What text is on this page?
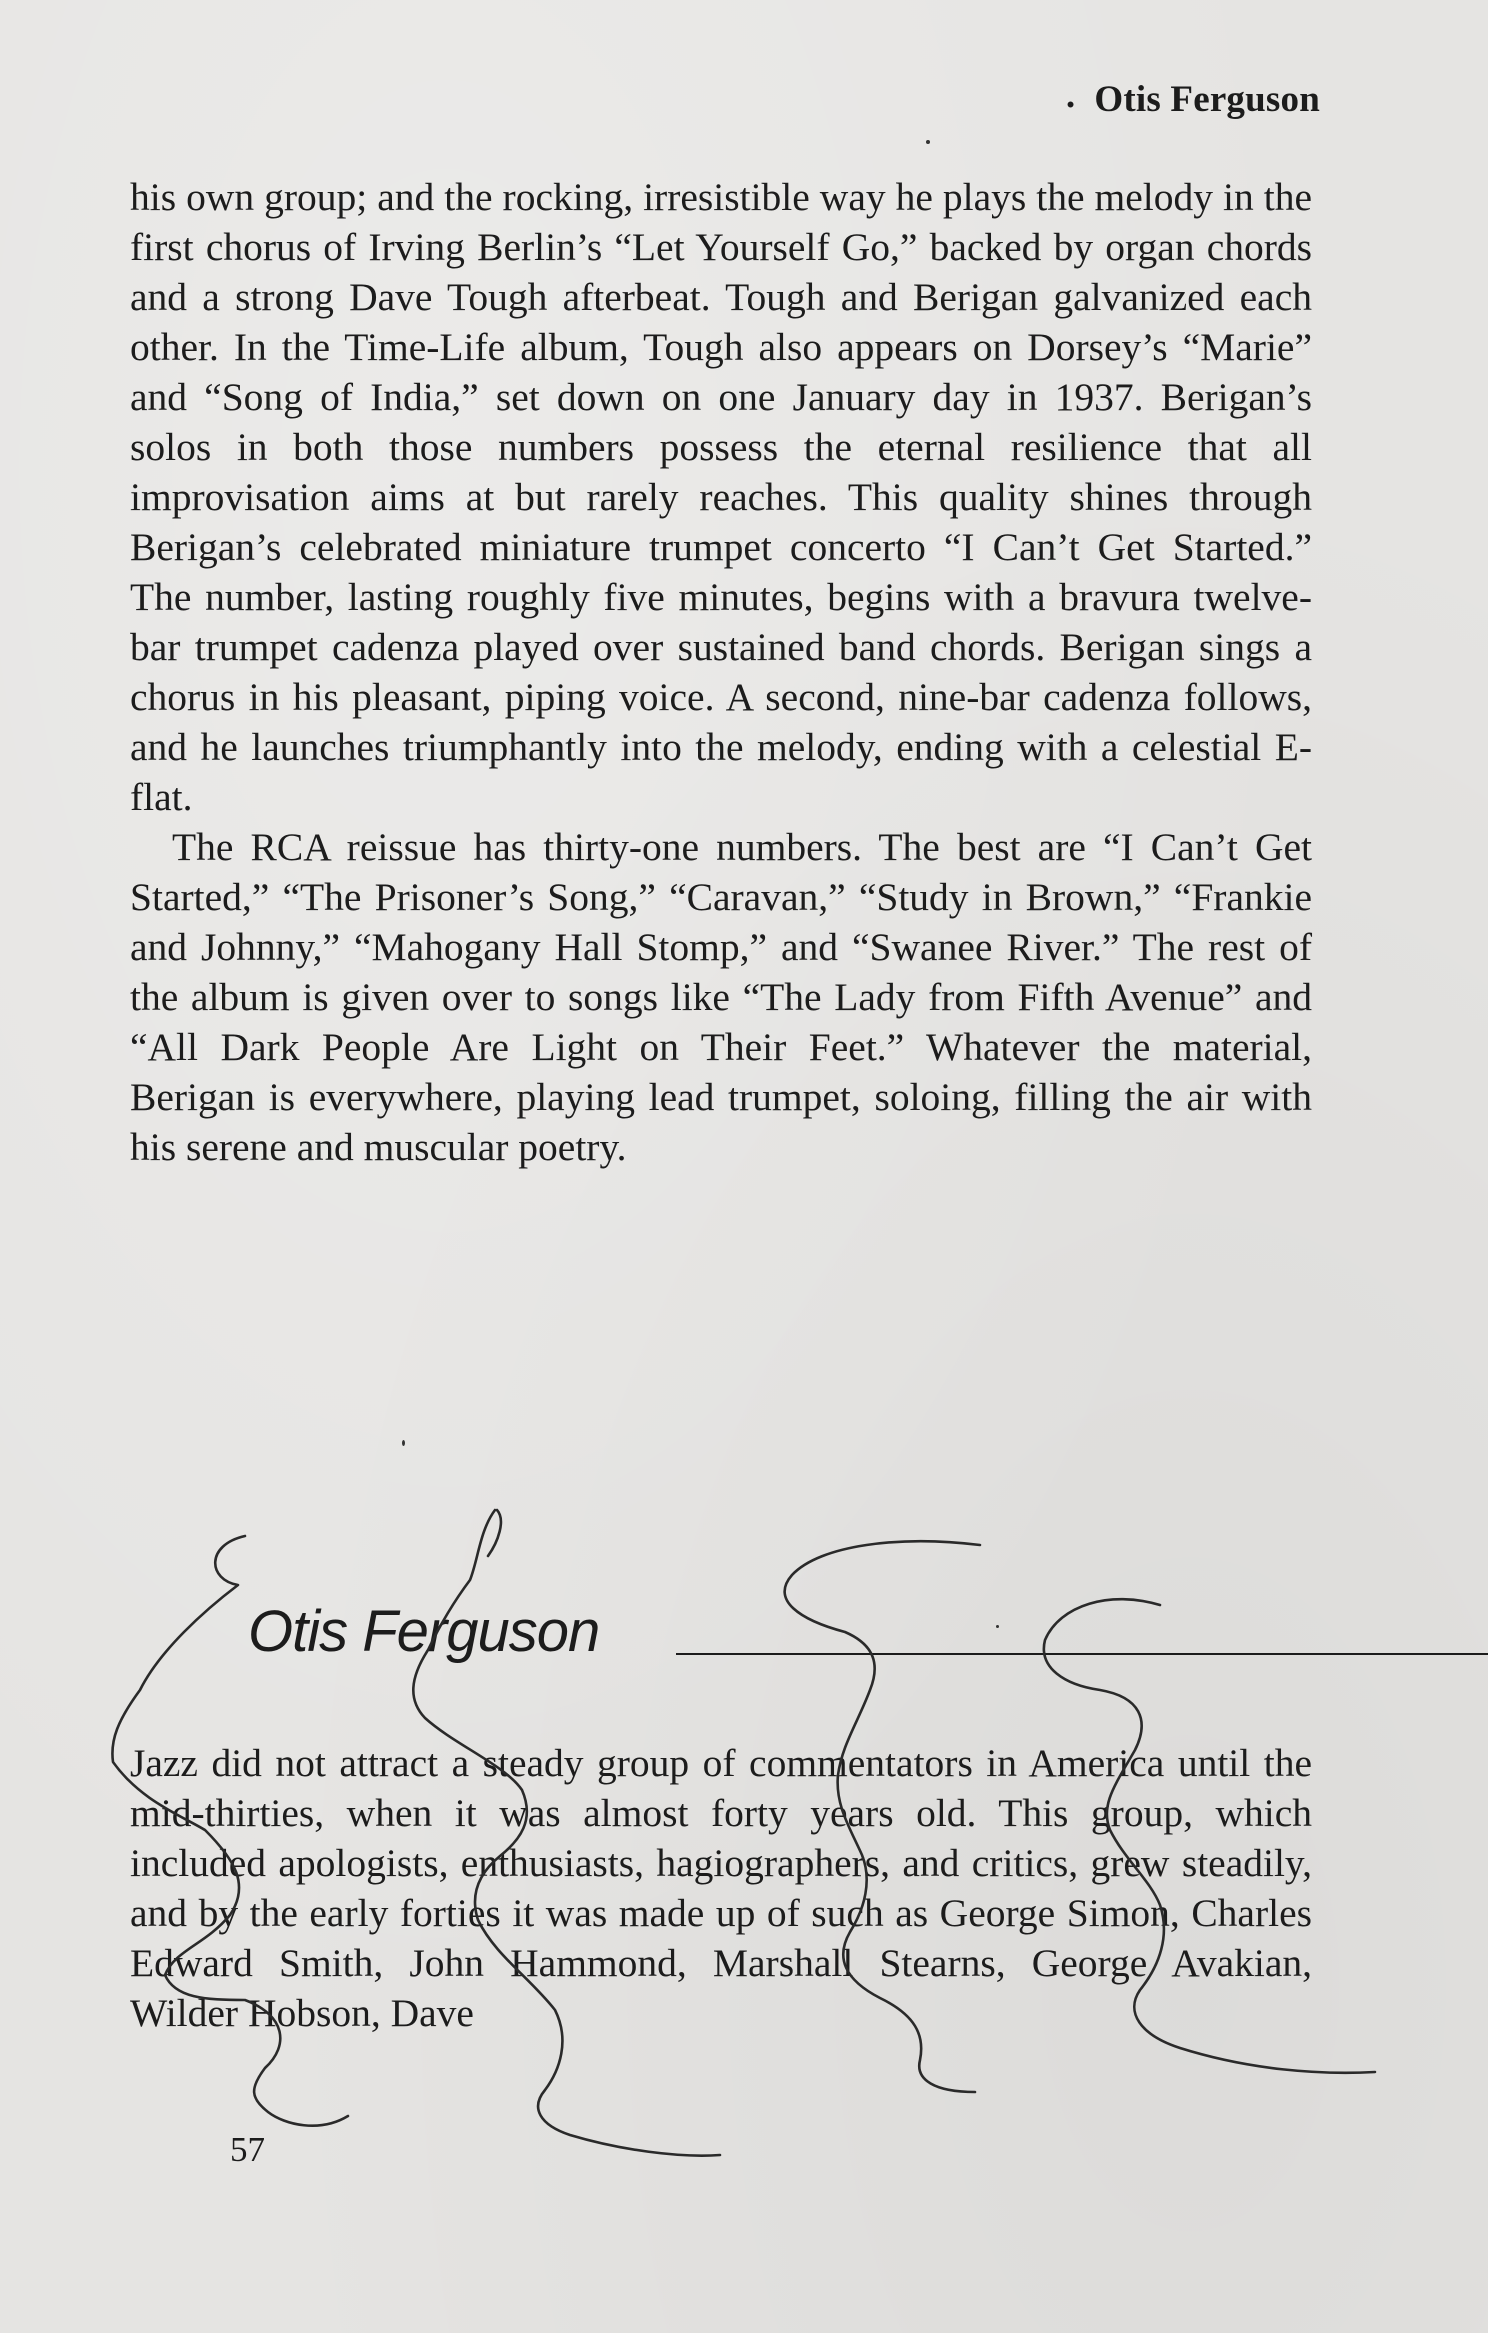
· Otis Ferguson

his own group; and the rocking, irresistible way he plays the melody in the first chorus of Irving Berlin’s “Let Yourself Go,” backed by organ chords and a strong Dave Tough afterbeat. Tough and Berigan galvanized each other. In the Time-Life album, Tough also appears on Dorsey’s “Marie” and “Song of India,” set down on one January day in 1937. Berigan’s solos in both those numbers possess the eternal resilience that all improvisation aims at but rarely reaches. This quality shines through Berigan’s celebrated miniature trumpet concerto “I Can’t Get Started.” The number, lasting roughly five minutes, begins with a bravura twelve-bar trumpet cadenza played over sustained band chords. Berigan sings a chorus in his pleasant, piping voice. A second, nine-bar cadenza follows, and he launches triumphantly into the melody, ending with a celestial E-flat.

The RCA reissue has thirty-one numbers. The best are “I Can’t Get Started,” “The Prisoner’s Song,” “Caravan,” “Study in Brown,” “Frankie and Johnny,” “Mahogany Hall Stomp,” and “Swanee River.” The rest of the album is given over to songs like “The Lady from Fifth Avenue” and “All Dark People Are Light on Their Feet.” Whatever the material, Berigan is everywhere, playing lead trumpet, soloing, filling the air with his serene and muscular poetry.

Otis Ferguson

Jazz did not attract a steady group of commentators in America until the mid-thirties, when it was almost forty years old. This group, which included apologists, enthusiasts, hagiographers, and critics, grew steadily, and by the early forties it was made up of such as George Simon, Charles Edward Smith, John Hammond, Marshall Stearns, George Avakian, Wilder Hobson, Dave

57
